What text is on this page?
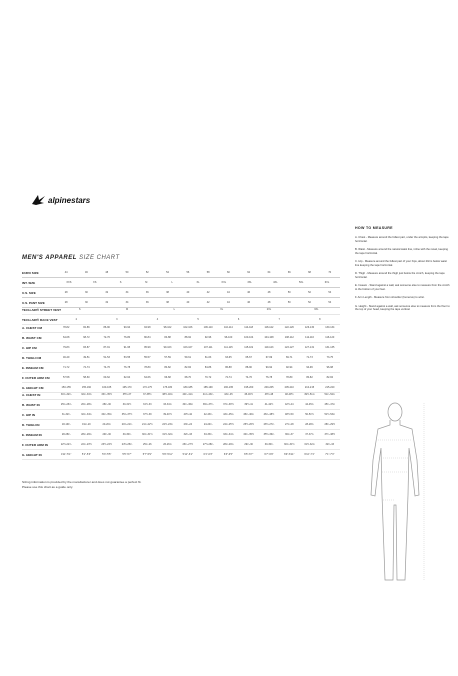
alpinestars
MEN'S APPAREL SIZE CHART
EURO SIZE	44	46	48	50	52	54	56	58	60	62	64	66	68	70
INT. SIZE	XXS	XS	S	M	L	XL	XXL	3XL	4XL	5XL	6XL
U.S. SIZE	28	30	32	34	36	38	40	42	44	46	48	50	52	54
U.S. PANT SIZE	28	30	32	34	36	38	40	42	44	46	48	50	52	54
TECH-AIR® STREET VEST	S	M	L	XL	2XL	3XL
TECH-AIR® RACE VEST	2	3	4	5	6	7	8
A. CHEST CM	78-82	82-86	86-90	90-94	94-98	98-102	102-106	106-110	110-114	114-118	118-122	122-126	126-130	130-134
B. WAIST CM	64-68	68-72	72-76	76-80	80-84	84-88	88-92	92-96	96-100	100-104	104-108	108-112	112-116	116-120
C. HIP CM	79-83	83-87	87-91	91-95	95-99	99-103	103-107	107-111	111-115	115-119	119-123	123-127	127-131	131-135
D. THIGH CM	46-49	49-51	51-53	53-55	55-57	57-59	59-61	61-63	63-65	65-67	67-69	69-71	71-73	73-75
E. INSEAM CM	71-72	72-74	74-76	76-78	78-80	80-82	82-84	84-86	86-88	88-90	90-92	92-94	94-96	96-98
F. OUTER ARM CM	57-58	58-60	60-62	62-64	64-66	66-68	68-70	70-72	72-74	74-76	76-78	78-80	80-82	82-84
G. HEIGHT CM	150-155	155-160	160-165	165-170	170-175	175-180	180-185	185-190	190-195	195-200	200-205	205-210	210-215	215-220
A. CHEST IN	30¾-32¼	32¼-33¾	33¾-35½	35½-37	37-38½	38½-40¼	40¼-41¾	41¾-43¼	43¼-45	45-46½	46½-48	48-49½	49½-51¼	51¼-52¾
B. WAIST IN	25¼-26¾	26¾-28¼	28¼-30	30-31½	31½-33	33-34¾	34¾-36¼	36¼-37¾	37¾-39½	39½-41	41-42½	42½-44	44-45¾	45¾-47¼
C. HIP IN	31-32¾	32¾-34¼	34¼-35¾	35¾-37½	37½-39	39-40½	40½-42	42-43¾	43¾-45¼	45¼-46¾	46¾-48½	48½-50	50-51½	51½-53¼
D. THIGH IN	18-19¼	19¼-20	20-20¾	20¾-21¾	21¾-22½	22½-23¼	23¼-24	24-24¾	24¾-25½	25½-26½	26½-27¼	27¼-28	28-28¾	28¾-29½
E. INSEAM IN	28-28¼	28¼-29¼	29¼-30	30-30¾	30¾-31½	31½-32¼	32¼-33	33-33¾	33¾-34¾	34¾-35½	35½-36¼	36¼-37	37-37¾	37¾-38½
F. OUTER ARM IN	22½-22¾	22¾-23½	23½-24½	24½-25¼	25¼-26	26-26¾	26¾-27½	27½-28¼	28¼-29¼	29¼-30	30-30¾	30¾-31½	31½-32¼	32¼-33
G. HEIGHT IN	4'11"-5'1"	5'1"-5'3"	5'3"-5'5"	5'5"-5'7"	5'7"-5'9"	5'9"-5'11"	5'11"-6'1"	6'1"-6'3"	6'3"-6'5"	6'5"-6'7"	6'7"-6'9"	6'9"-6'11"	6'11"-7'1"	7'1"-7'3"
HOW TO MEASURE

A. Chest - Measure around the fullest part, under the armpits, keeping the tape horizontal.

B. Waist - Measure around the natural waist line, inline with the navel, keeping the tape horizontal.

C. Hip - Measure around the fullest part of your hips, about 20cm below waist line keeping the tape horizontal.

D. Thigh - Measure around the thigh just below the crotch, keeping the tape horizontal.

E. Inseam - Stand against a wall, ask someone else to measure from the crotch to the bottom of your feet.

F. Arm Length - Measure from shoulder (humerus) to wrist.

G. Height - Stand against a wall, ask someone else to measure from the floor to the top of your head, keeping the tape vertical.

Sizing information is provided by the manufacturer and does not guarantee a perfect fit.
Please use this chart as a guide only.
